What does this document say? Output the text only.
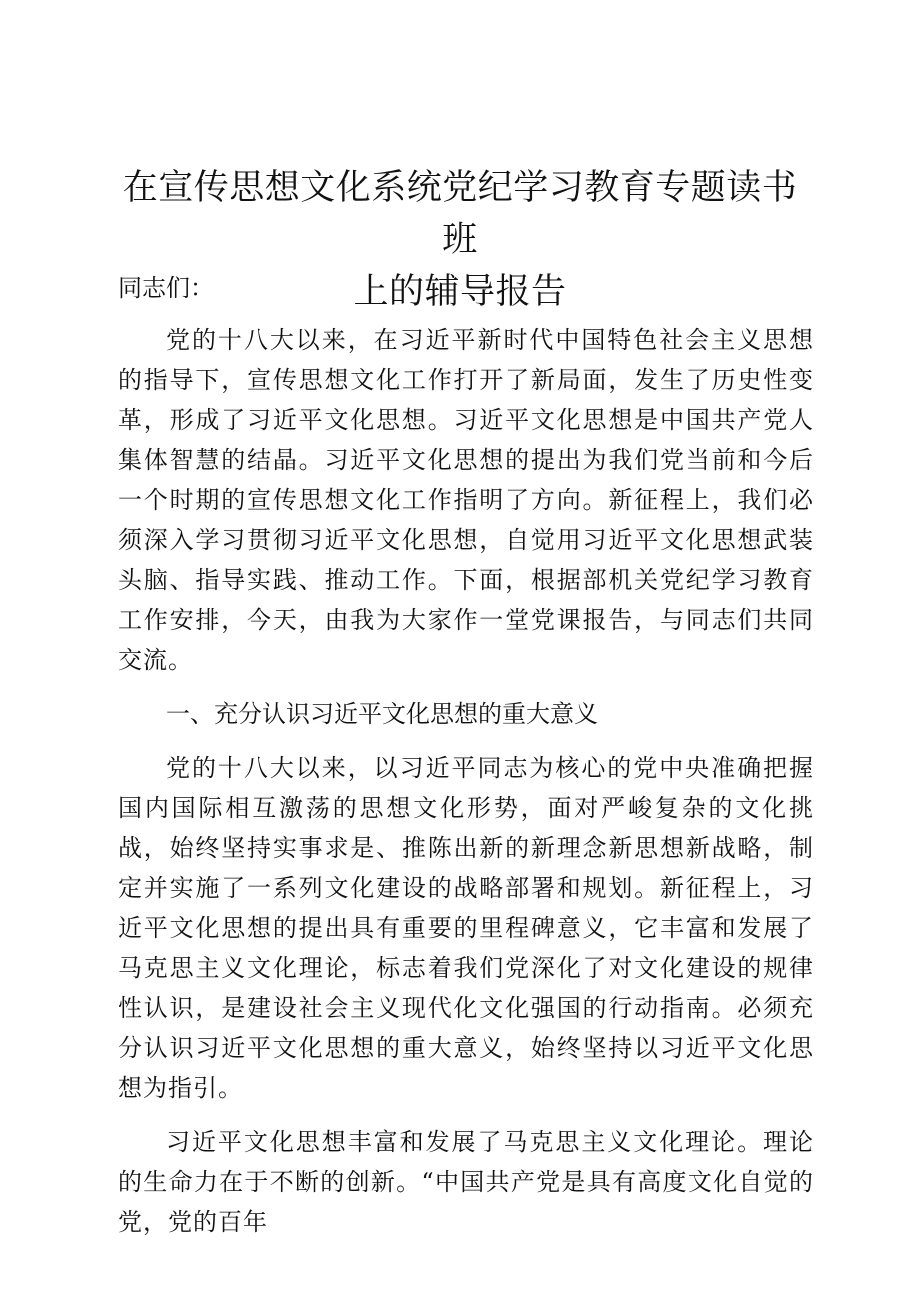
在宣传思想文化系统党纪学习教育专题读书班
上的辅导报告

同志们：

党的十八大以来，在习近平新时代中国特色社会主义思想的指导下，宣传思想文化工作打开了新局面，发生了历史性变革，形成了习近平文化思想。习近平文化思想是中国共产党人集体智慧的结晶。习近平文化思想的提出为我们党当前和今后一个时期的宣传思想文化工作指明了方向。新征程上，我们必须深入学习贯彻习近平文化思想，自觉用习近平文化思想武装头脑、指导实践、推动工作。下面，根据部机关党纪学习教育工作安排，今天，由我为大家作一堂党课报告，与同志们共同交流。

一、充分认识习近平文化思想的重大意义

党的十八大以来，以习近平同志为核心的党中央准确把握国内国际相互激荡的思想文化形势，面对严峻复杂的文化挑战，始终坚持实事求是、推陈出新的新理念新思想新战略，制定并实施了一系列文化建设的战略部署和规划。新征程上，习近平文化思想的提出具有重要的里程碑意义，它丰富和发展了马克思主义文化理论，标志着我们党深化了对文化建设的规律性认识，是建设社会主义现代化文化强国的行动指南。必须充分认识习近平文化思想的重大意义，始终坚持以习近平文化思想为指引。

习近平文化思想丰富和发展了马克思主义文化理论。理论的生命力在于不断的创新。“中国共产党是具有高度文化自觉的党，党的百年
